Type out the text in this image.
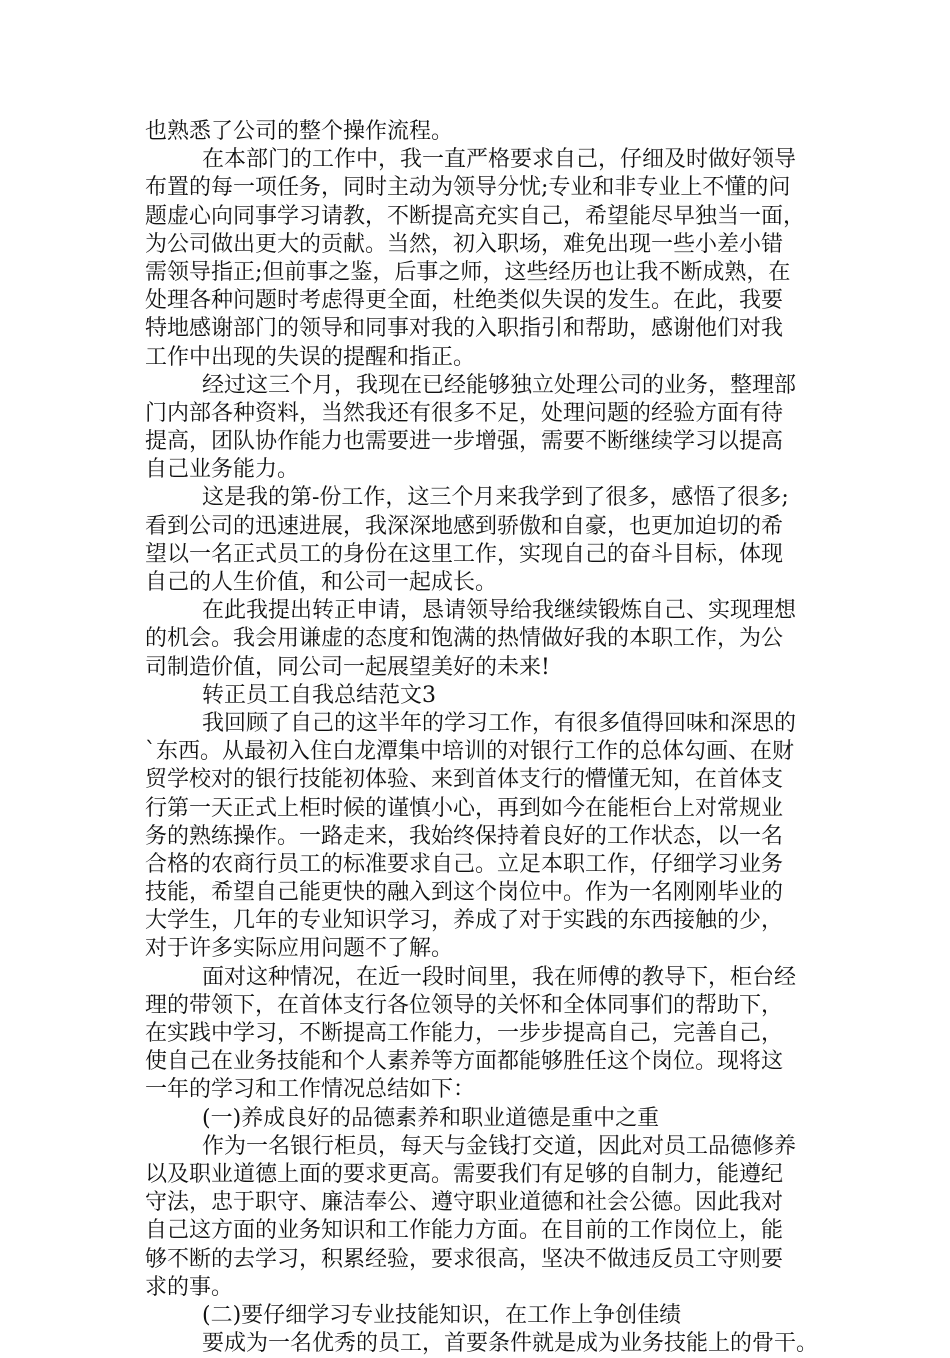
也熟悉了公司的整个操作流程。
在本部门的工作中，我一直严格要求自己，仔细及时做好领导
布置的每一项任务，同时主动为领导分忧;专业和非专业上不懂的问
题虚心向同事学习请教，不断提高充实自己，希望能尽早独当一面，
为公司做出更大的贡献。当然，初入职场，难免出现一些小差小错
需领导指正;但前事之鉴，后事之师，这些经历也让我不断成熟，在
处理各种问题时考虑得更全面，杜绝类似失误的发生。在此，我要
特地感谢部门的领导和同事对我的入职指引和帮助，感谢他们对我
工作中出现的失误的提醒和指正。
经过这三个月，我现在已经能够独立处理公司的业务，整理部
门内部各种资料，当然我还有很多不足，处理问题的经验方面有待
提高，团队协作能力也需要进一步增强，需要不断继续学习以提高
自己业务能力。
这是我的第-份工作，这三个月来我学到了很多，感悟了很多;
看到公司的迅速进展，我深深地感到骄傲和自豪，也更加迫切的希
望以一名正式员工的身份在这里工作，实现自己的奋斗目标，体现
自己的人生价值，和公司一起成长。
在此我提出转正申请，恳请领导给我继续锻炼自己、实现理想
的机会。我会用谦虚的态度和饱满的热情做好我的本职工作，为公
司制造价值，同公司一起展望美好的未来!
转正员工自我总结范文3
我回顾了自己的这半年的学习工作，有很多值得回味和深思的
`东西。从最初入住白龙潭集中培训的对银行工作的总体勾画、在财
贸学校对的银行技能初体验、来到首体支行的懵懂无知，在首体支
行第一天正式上柜时候的谨慎小心，再到如今在能柜台上对常规业
务的熟练操作。一路走来，我始终保持着良好的工作状态，以一名
合格的农商行员工的标准要求自己。立足本职工作，仔细学习业务
技能，希望自己能更快的融入到这个岗位中。作为一名刚刚毕业的
大学生，几年的专业知识学习，养成了对于实践的东西接触的少，
对于许多实际应用问题不了解。
面对这种情况，在近一段时间里，我在师傅的教导下，柜台经
理的带领下，在首体支行各位领导的关怀和全体同事们的帮助下，
在实践中学习，不断提高工作能力，一步步提高自己，完善自己，
使自己在业务技能和个人素养等方面都能够胜任这个岗位。现将这
一年的学习和工作情况总结如下：
(一)养成良好的品德素养和职业道德是重中之重
作为一名银行柜员，每天与金钱打交道，因此对员工品德修养
以及职业道德上面的要求更高。需要我们有足够的自制力，能遵纪
守法，忠于职守、廉洁奉公、遵守职业道德和社会公德。因此我对
自己这方面的业务知识和工作能力方面。在目前的工作岗位上，能
够不断的去学习，积累经验，要求很高，坚决不做违反员工守则要
求的事。
(二)要仔细学习专业技能知识，在工作上争创佳绩
要成为一名优秀的员工，首要条件就是成为业务技能上的骨干。
